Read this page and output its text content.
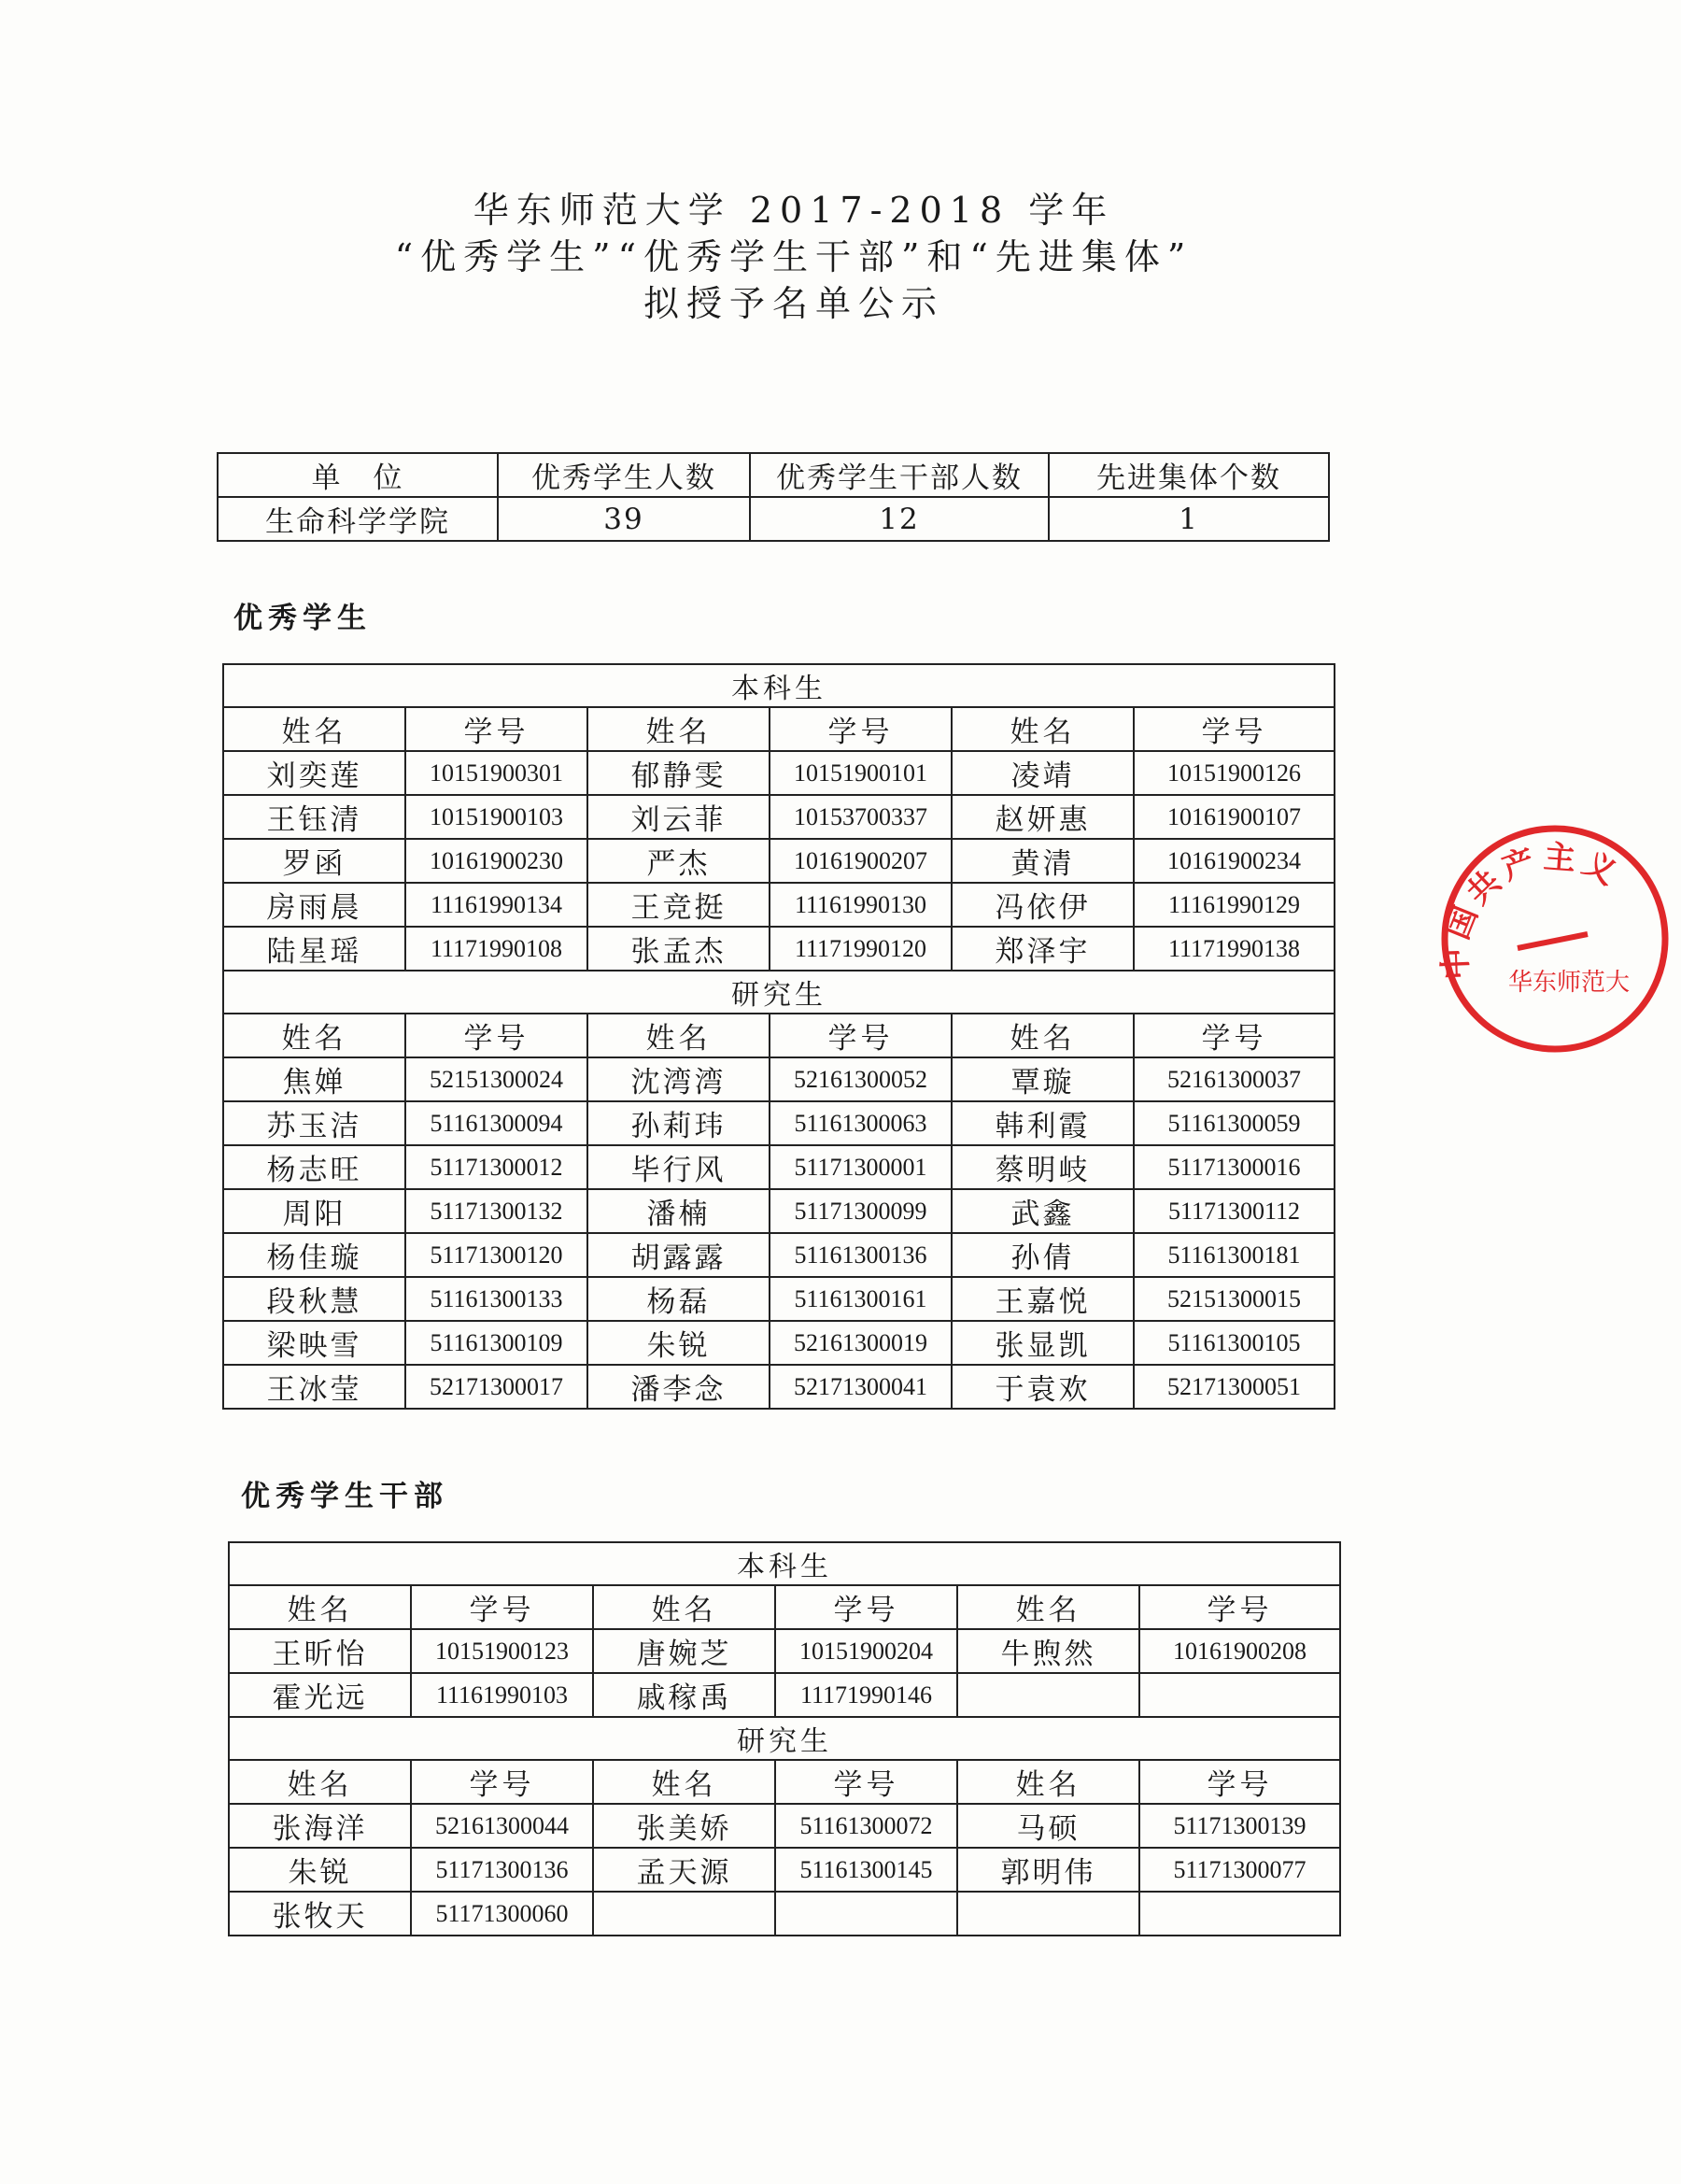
华东师范大学 2017-2018 学年
“优秀学生”“优秀学生干部”和“先进集体”
拟授予名单公示
单　位	优秀学生人数	优秀学生干部人数	先进集体个数
生命科学学院	39	12	1
优秀学生
本科生					
姓名	学号	姓名	学号	姓名	学号
刘奕莲	10151900301	郁静雯	10151900101	凌靖	10151900126
王钰清	10151900103	刘云菲	10153700337	赵妍惠	10161900107
罗函	10161900230	严杰	10161900207	黄清	10161900234
房雨晨	11161990134	王竞挺	11161990130	冯依伊	11161990129
陆星瑶	11171990108	张孟杰	11171990120	郑泽宇	11171990138
研究生					
姓名	学号	姓名	学号	姓名	学号
焦婵	52151300024	沈湾湾	52161300052	覃璇	52161300037
苏玉洁	51161300094	孙莉玮	51161300063	韩利霞	51161300059
杨志旺	51171300012	毕行风	51171300001	蔡明岐	51171300016
周阳	51171300132	潘楠	51171300099	武鑫	51171300112
杨佳璇	51171300120	胡露露	51161300136	孙倩	51161300181
段秋慧	51161300133	杨磊	51161300161	王嘉悦	52151300015
梁映雪	51161300109	朱锐	52161300019	张显凯	51161300105
王冰莹	52171300017	潘李念	52171300041	于袁欢	52171300051
优秀学生干部
本科生					
姓名	学号	姓名	学号	姓名	学号
王昕怡	10151900123	唐婉芝	10151900204	牛煦然	10161900208
霍光远	11161990103	戚稼禹	11171990146		
研究生					
姓名	学号	姓名	学号	姓名	学号
张海洋	52161300044	张美娇	51161300072	马硕	51171300139
朱锐	51171300136	孟天源	51161300145	郭明伟	51171300077
张牧天	51171300060				
中国共产主义
华东师范大
